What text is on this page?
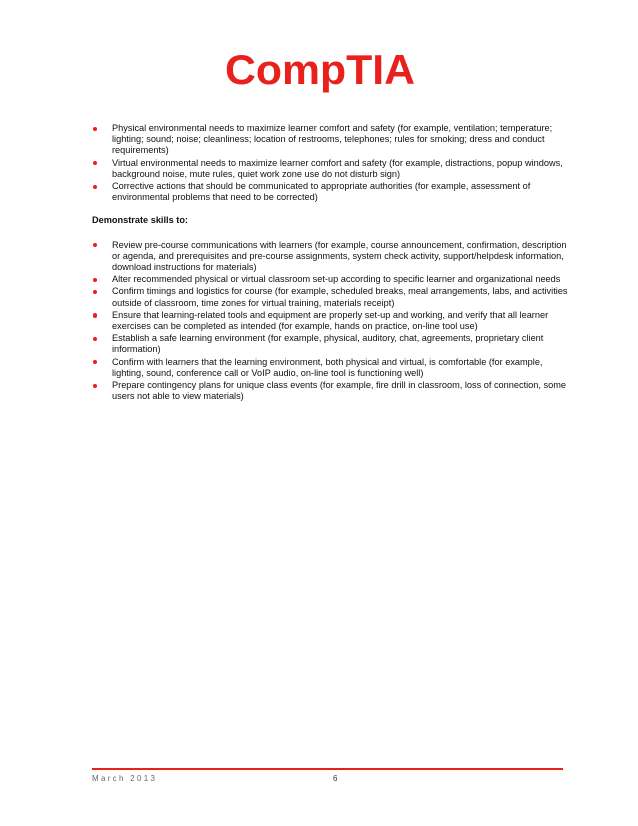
CompTIA
Physical environmental needs to maximize learner comfort and safety (for example, ventilation; temperature; lighting; sound; noise; cleanliness; location of restrooms, telephones; rules for smoking; dress and conduct requirements)
Virtual environmental needs to maximize learner comfort and safety (for example, distractions, popup windows, background noise, mute rules, quiet work zone use do not disturb sign)
Corrective actions that should be communicated to appropriate authorities (for example, assessment of environmental problems that need to be corrected)
Demonstrate skills to:
Review pre-course communications with learners (for example, course announcement, confirmation, description or agenda, and prerequisites and pre-course assignments, system check activity, support/helpdesk information, download instructions for materials)
Alter recommended physical or virtual classroom set-up according to specific learner and organizational needs
Confirm timings and logistics for course (for example, scheduled breaks, meal arrangements, labs, and activities outside of classroom, time zones for virtual training, materials receipt)
Ensure that learning-related tools and equipment are properly set-up and working, and verify that all learner exercises can be completed as intended (for example, hands on practice, on-line tool use)
Establish a safe learning environment (for example, physical, auditory, chat, agreements, proprietary client information)
Confirm with learners that the learning environment, both physical and virtual, is comfortable (for example, lighting, sound, conference call or VoIP audio, on-line tool is functioning well)
Prepare contingency plans for unique class events (for example, fire drill in classroom, loss of connection, some users not able to view materials)
March 2013	6
